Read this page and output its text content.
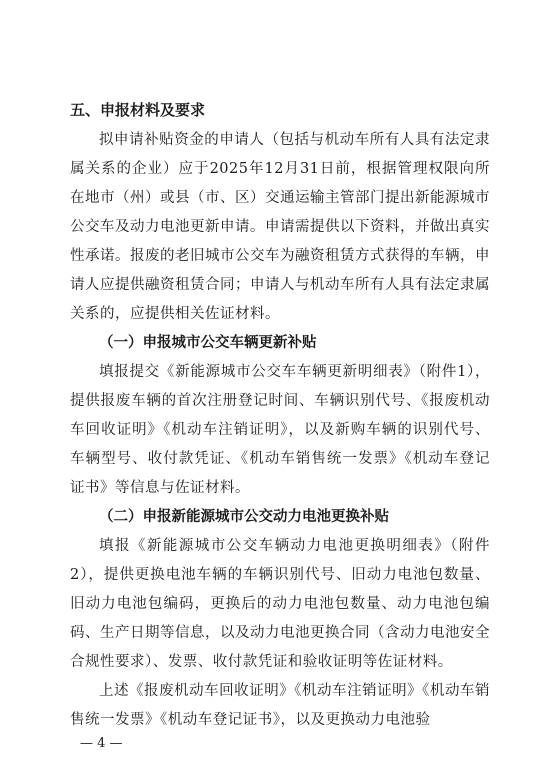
五、申报材料及要求

拟申请补贴资金的申请人（包括与机动车所有人具有法定隶属关系的企业）应于2025年12月31日前，根据管理权限向所在地市（州）或县（市、区）交通运输主管部门提出新能源城市公交车及动力电池更新申请。申请需提供以下资料，并做出真实性承诺。报废的老旧城市公交车为融资租赁方式获得的车辆，申请人应提供融资租赁合同；申请人与机动车所有人具有法定隶属关系的，应提供相关佐证材料。

（一）申报城市公交车辆更新补贴

填报提交《新能源城市公交车车辆更新明细表》（附件1），提供报废车辆的首次注册登记时间、车辆识别代号、《报废机动车回收证明》《机动车注销证明》，以及新购车辆的识别代号、车辆型号、收付款凭证、《机动车销售统一发票》《机动车登记证书》等信息与佐证材料。

（二）申报新能源城市公交动力电池更换补贴

填报《新能源城市公交车辆动力电池更换明细表》（附件2），提供更换电池车辆的车辆识别代号、旧动力电池包数量、旧动力电池包编码，更换后的动力电池包数量、动力电池包编码、生产日期等信息，以及动力电池更换合同（含动力电池安全合规性要求）、发票、收付款凭证和验收证明等佐证材料。

上述《报废机动车回收证明》《机动车注销证明》《机动车销售统一发票》《机动车登记证书》，以及更换动力电池验

— 4 —
